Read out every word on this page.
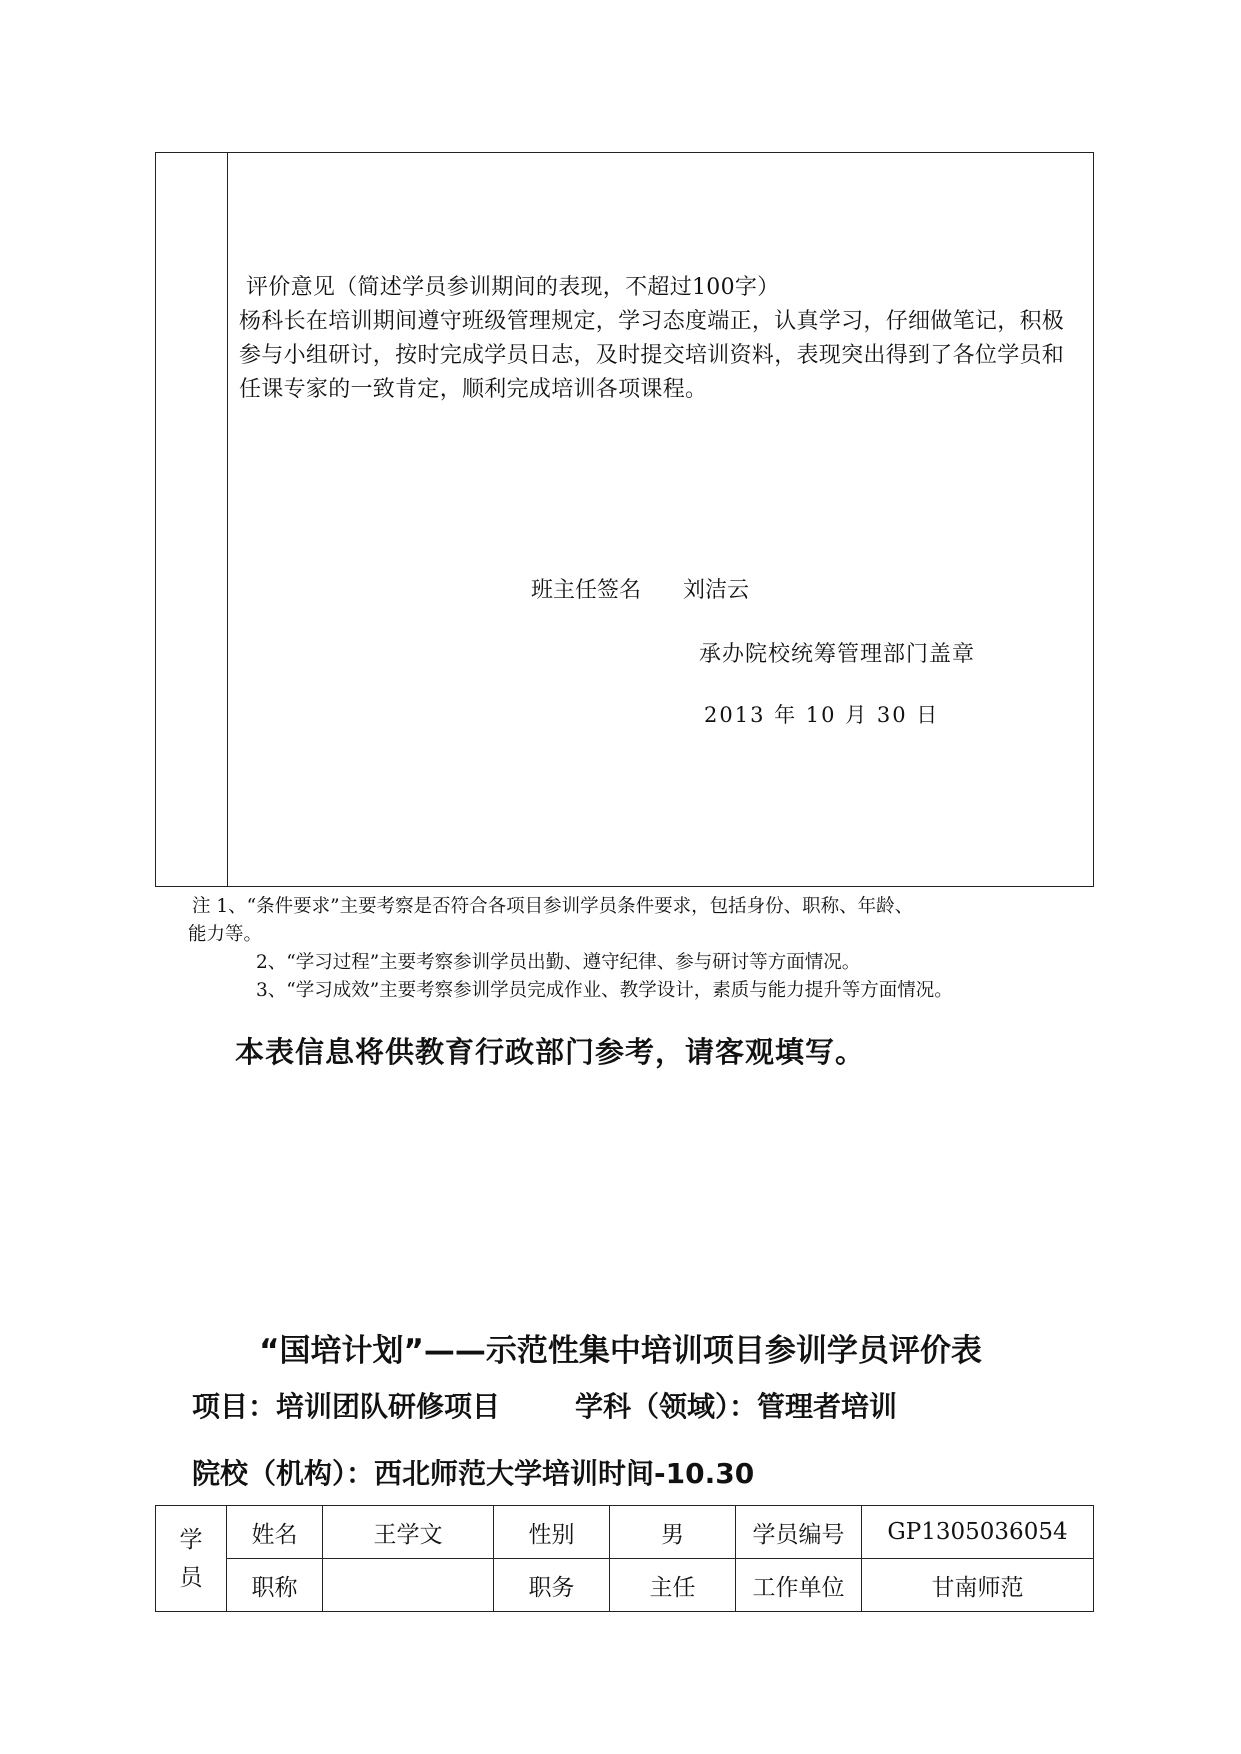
评价意见（简述学员参训期间的表现，不超过100字）
杨科长在培训期间遵守班级管理规定，学习态度端正，认真学习，仔细做笔记，积极参与小组研讨，按时完成学员日志，及时提交培训资料，表现突出得到了各位学员和任课专家的一致肯定，顺利完成培训各项课程。
班主任签名 刘洁云
承办院校统筹管理部门盖章
2013 年 10 月 30 日
注 1、“条件要求”主要考察是否符合各项目参训学员条件要求，包括身份、职称、年龄、
能力等。
2、“学习过程”主要考察参训学员出勤、遵守纪律、参与研讨等方面情况。
3、“学习成效”主要考察参训学员完成作业、教学设计，素质与能力提升等方面情况。
本表信息将供教育行政部门参考，请客观填写。
“国培计划”——示范性集中培训项目参训学员评价表
项目：培训团队研修项目	学科（领域）：管理者培训
院校（机构）：西北师范大学培训时间-10.30
学
员	姓名	王学文	性别	男	学员编号	GP1305036054
	职称		职务	主任	工作单位	甘南师范
